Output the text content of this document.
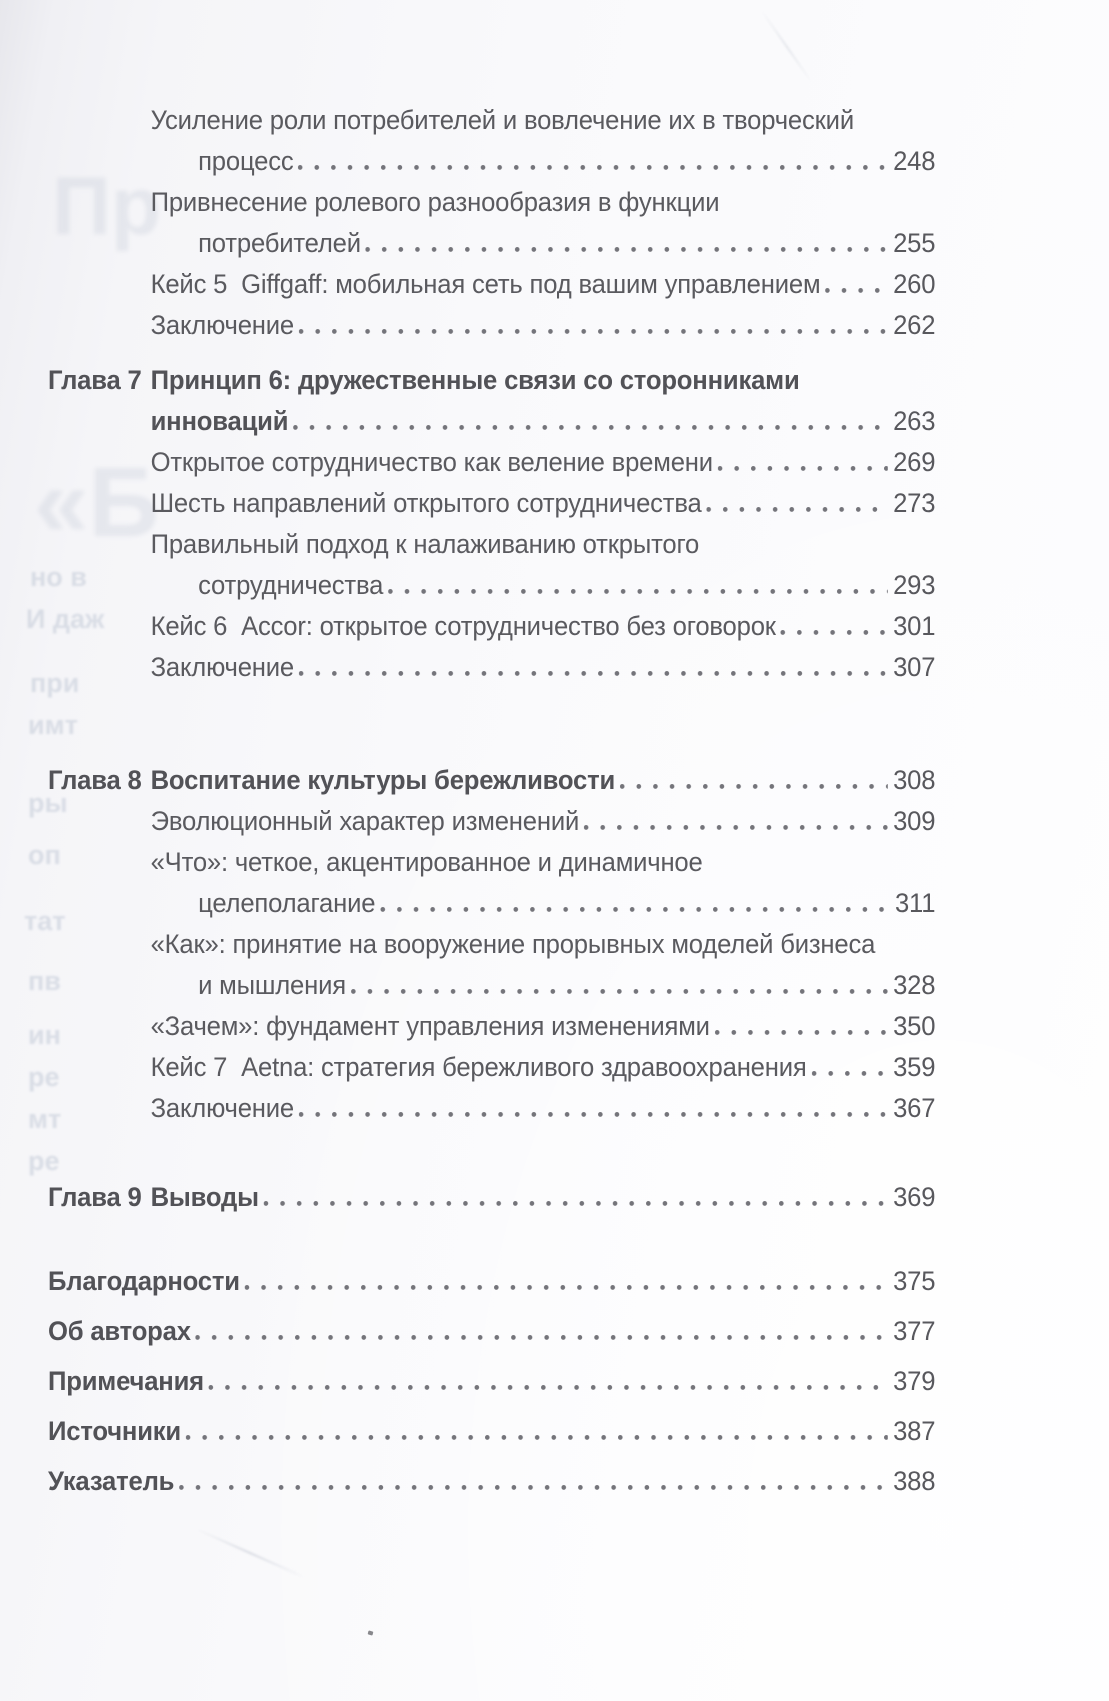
Пр
«Б
но в
И даж
при
имт
ры
оп
тат
пв
ин
ре
мт
ре
Усиление роли потребителей и вовлечение их в творческий
процесс	248
Привнесение ролевого разнообразия в функции
потребителей	255
Кейс 5  Giffgaff: мобильная сеть под вашим управлением	260
Заключение	262
Глава 7 Принцип 6: дружественные связи со сторонниками
инноваций	263
Открытое сотрудничество как веление времени	269
Шесть направлений открытого сотрудничества	273
Правильный подход к налаживанию открытого
сотрудничества	293
Кейс 6  Accor: открытое сотрудничество без оговорок	301
Заключение	307
Глава 8 Воспитание культуры бережливости	308
Эволюционный характер изменений	309
«Что»: четкое, акцентированное и динамичное
целеполагание	311
«Как»: принятие на вооружение прорывных моделей бизнеса
и мышления	328
«Зачем»: фундамент управления изменениями	350
Кейс 7  Aetna: стратегия бережливого здравоохранения	359
Заключение	367
Глава 9 Выводы	369
Благодарности	375
Об авторах	377
Примечания	379
Источники	387
Указатель	388
